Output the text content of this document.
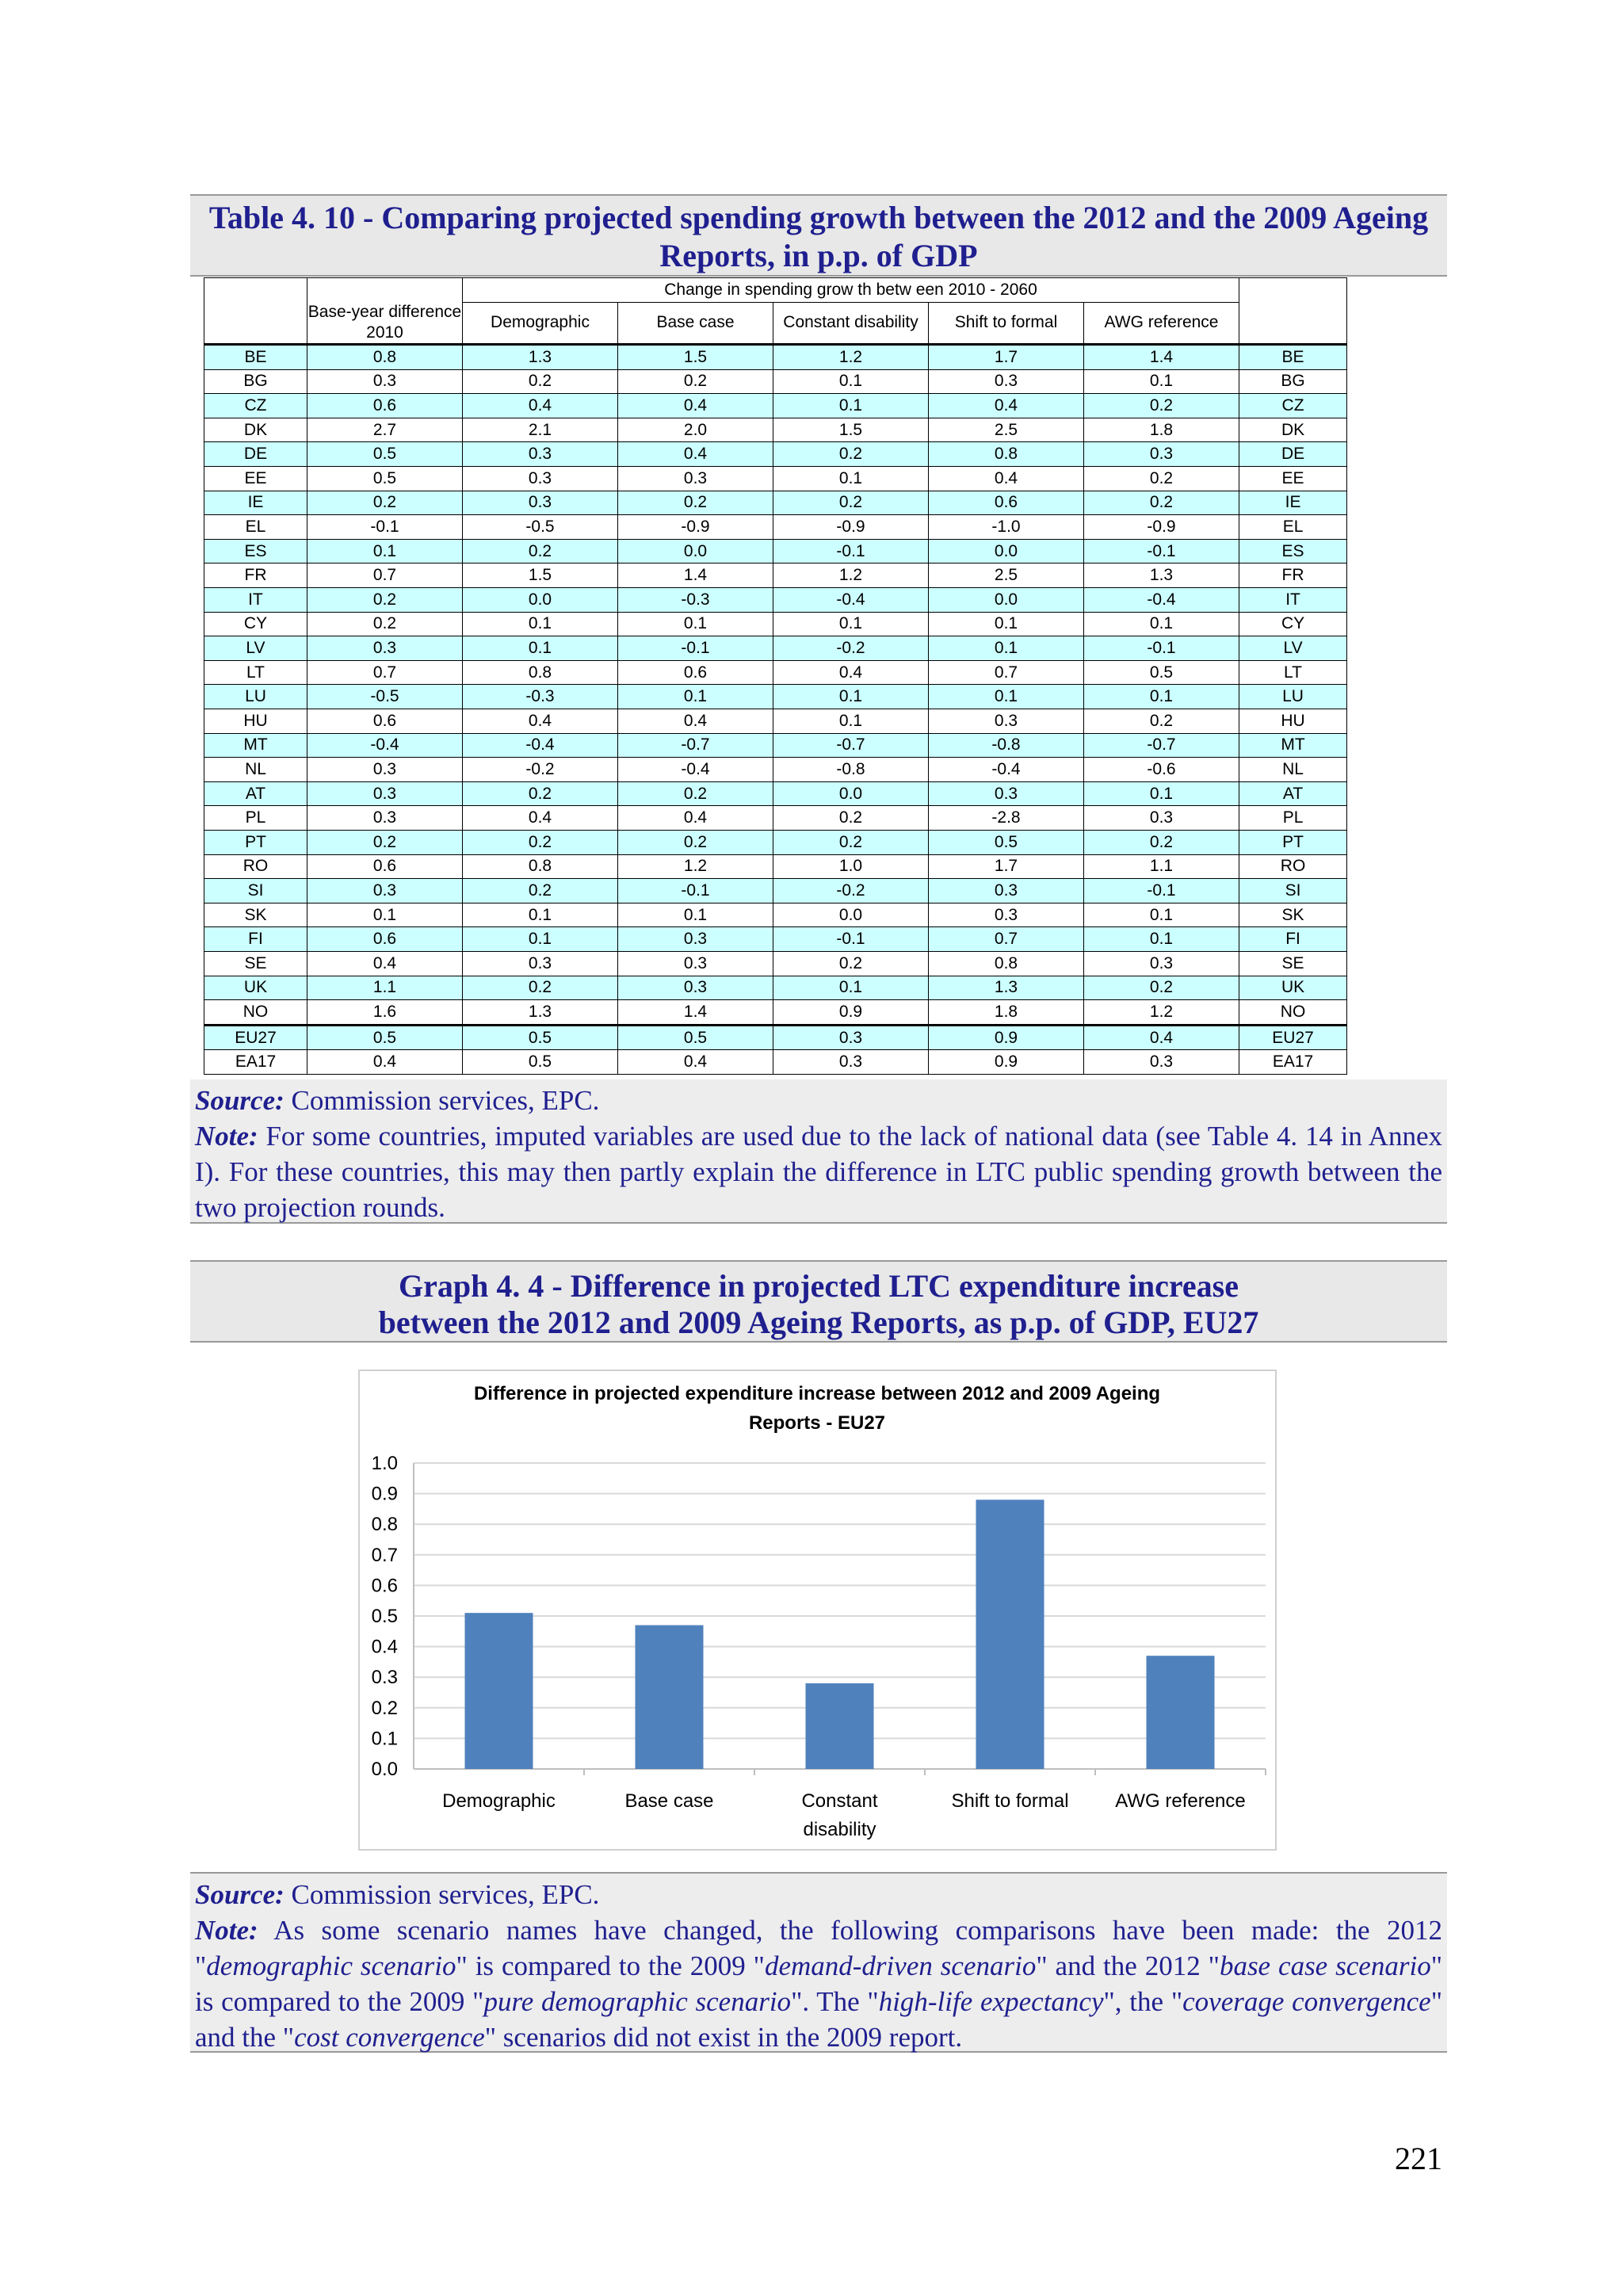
Table 4. 10 - Comparing projected spending growth between the 2012 and the 2009 Ageing Reports, in p.p. of GDP
		Change in spending grow th betw een 2010 - 2060					
	Base-year difference 2010	Demographic	Base case	Constant disability	Shift to formal	AWG reference	
BE	0.8	1.3	1.5	1.2	1.7	1.4	BE
BG	0.3	0.2	0.2	0.1	0.3	0.1	BG
CZ	0.6	0.4	0.4	0.1	0.4	0.2	CZ
DK	2.7	2.1	2.0	1.5	2.5	1.8	DK
DE	0.5	0.3	0.4	0.2	0.8	0.3	DE
EE	0.5	0.3	0.3	0.1	0.4	0.2	EE
IE	0.2	0.3	0.2	0.2	0.6	0.2	IE
EL	-0.1	-0.5	-0.9	-0.9	-1.0	-0.9	EL
ES	0.1	0.2	0.0	-0.1	0.0	-0.1	ES
FR	0.7	1.5	1.4	1.2	2.5	1.3	FR
IT	0.2	0.0	-0.3	-0.4	0.0	-0.4	IT
CY	0.2	0.1	0.1	0.1	0.1	0.1	CY
LV	0.3	0.1	-0.1	-0.2	0.1	-0.1	LV
LT	0.7	0.8	0.6	0.4	0.7	0.5	LT
LU	-0.5	-0.3	0.1	0.1	0.1	0.1	LU
HU	0.6	0.4	0.4	0.1	0.3	0.2	HU
MT	-0.4	-0.4	-0.7	-0.7	-0.8	-0.7	MT
NL	0.3	-0.2	-0.4	-0.8	-0.4	-0.6	NL
AT	0.3	0.2	0.2	0.0	0.3	0.1	AT
PL	0.3	0.4	0.4	0.2	-2.8	0.3	PL
PT	0.2	0.2	0.2	0.2	0.5	0.2	PT
RO	0.6	0.8	1.2	1.0	1.7	1.1	RO
SI	0.3	0.2	-0.1	-0.2	0.3	-0.1	SI
SK	0.1	0.1	0.1	0.0	0.3	0.1	SK
FI	0.6	0.1	0.3	-0.1	0.7	0.1	FI
SE	0.4	0.3	0.3	0.2	0.8	0.3	SE
UK	1.1	0.2	0.3	0.1	1.3	0.2	UK
NO	1.6	1.3	1.4	0.9	1.8	1.2	NO
EU27	0.5	0.5	0.5	0.3	0.9	0.4	EU27
EA17	0.4	0.5	0.4	0.3	0.9	0.3	EA17
Source: Commission services, EPC.
Note: For some countries, imputed variables are used due to the lack of national data (see Table 4. 14 in Annex I). For these countries, this may then partly explain the difference in LTC public spending growth between the two projection rounds.
Graph 4. 4 - Difference in projected LTC expenditure increase
between the 2012 and 2009 Ageing Reports, as p.p. of GDP, EU27
Difference in projected expenditure increase between 2012 and 2009 Ageing
Reports - EU27
0.0
0.1
0.2
0.3
0.4
0.5
0.6
0.7
0.8
0.9
1.0
Demographic	Base case	Constant
disability
Shift to formal AWG reference
Source: Commission services, EPC.
Note: As some scenario names have changed, the following comparisons have been made: the 2012 "demographic scenario" is compared to the 2009 "demand-driven scenario" and the 2012 "base case scenario" is compared to the 2009 "pure demographic scenario". The "high-life expectancy", the "coverage convergence" and the "cost convergence" scenarios did not exist in the 2009 report.
221
